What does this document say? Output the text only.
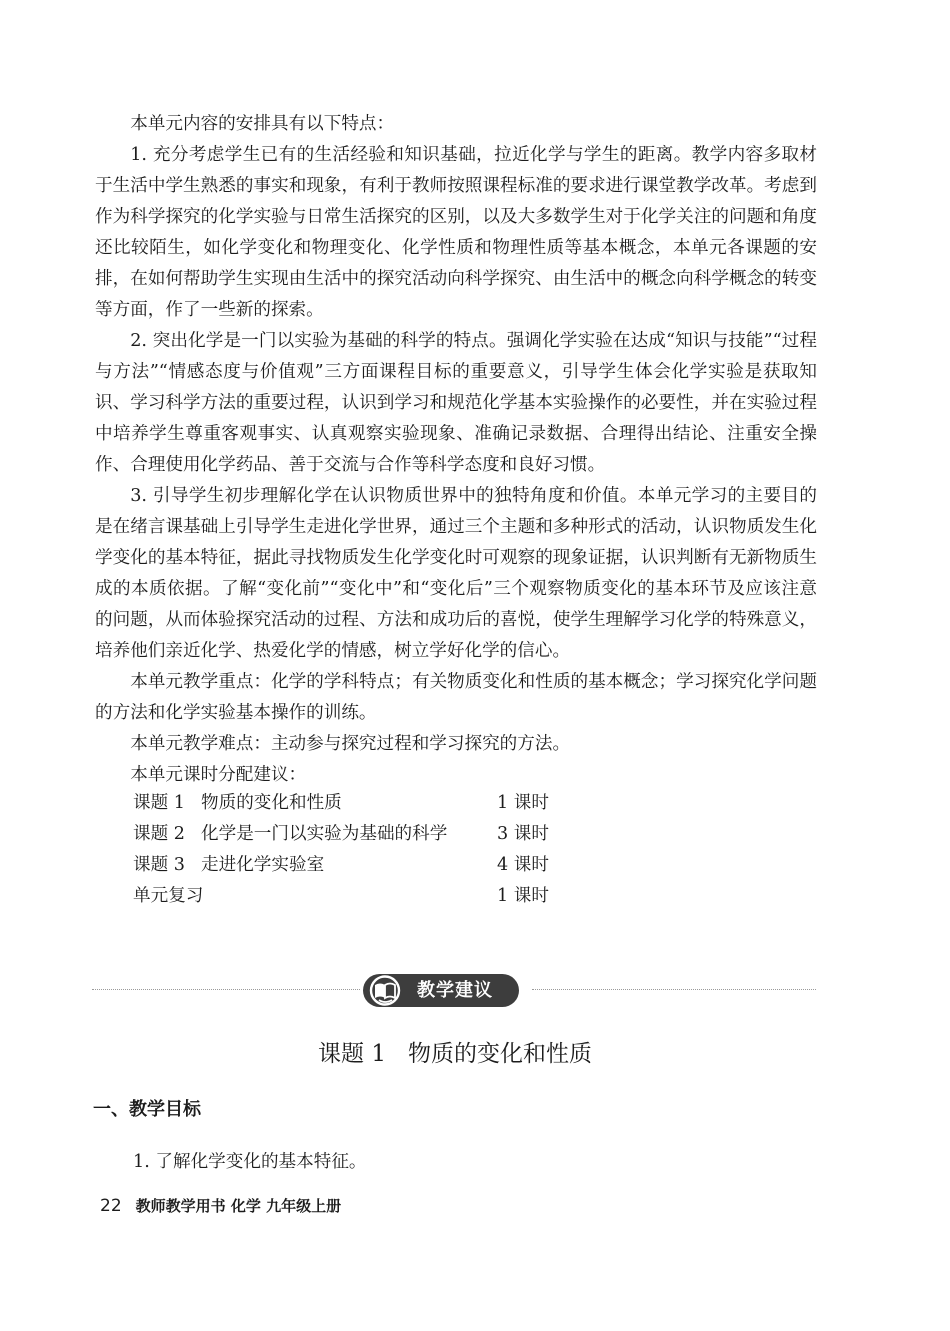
本单元内容的安排具有以下特点：

1. 充分考虑学生已有的生活经验和知识基础，拉近化学与学生的距离。教学内容多取材于生活中学生熟悉的事实和现象，有利于教师按照课程标准的要求进行课堂教学改革。考虑到作为科学探究的化学实验与日常生活探究的区别，以及大多数学生对于化学关注的问题和角度还比较陌生，如化学变化和物理变化、化学性质和物理性质等基本概念，本单元各课题的安排，在如何帮助学生实现由生活中的探究活动向科学探究、由生活中的概念向科学概念的转变等方面，作了一些新的探索。

2. 突出化学是一门以实验为基础的科学的特点。强调化学实验在达成“知识与技能”“过程与方法”“情感态度与价值观”三方面课程目标的重要意义，引导学生体会化学实验是获取知识、学习科学方法的重要过程，认识到学习和规范化学基本实验操作的必要性，并在实验过程中培养学生尊重客观事实、认真观察实验现象、准确记录数据、合理得出结论、注重安全操作、合理使用化学药品、善于交流与合作等科学态度和良好习惯。

3. 引导学生初步理解化学在认识物质世界中的独特角度和价值。本单元学习的主要目的是在绪言课基础上引导学生走进化学世界，通过三个主题和多种形式的活动，认识物质发生化学变化的基本特征，据此寻找物质发生化学变化时可观察的现象证据，认识判断有无新物质生成的本质依据。了解“变化前”“变化中”和“变化后”三个观察物质变化的基本环节及应该注意的问题，从而体验探究活动的过程、方法和成功后的喜悦，使学生理解学习化学的特殊意义，培养他们亲近化学、热爱化学的情感，树立学好化学的信心。

本单元教学重点：化学的学科特点；有关物质变化和性质的基本概念；学习探究化学问题的方法和化学实验基本操作的训练。

本单元教学难点：主动参与探究过程和学习探究的方法。

本单元课时分配建议：

课题 1 物质的变化和性质	1 课时
课题 2 化学是一门以实验为基础的科学	3 课时
课题 3 走进化学实验室	4 课时
单元复习	1 课时
教学建议
课题 1 物质的变化和性质
一、教学目标
1. 了解化学变化的基本特征。
22 教师教学用书 化学 九年级上册
